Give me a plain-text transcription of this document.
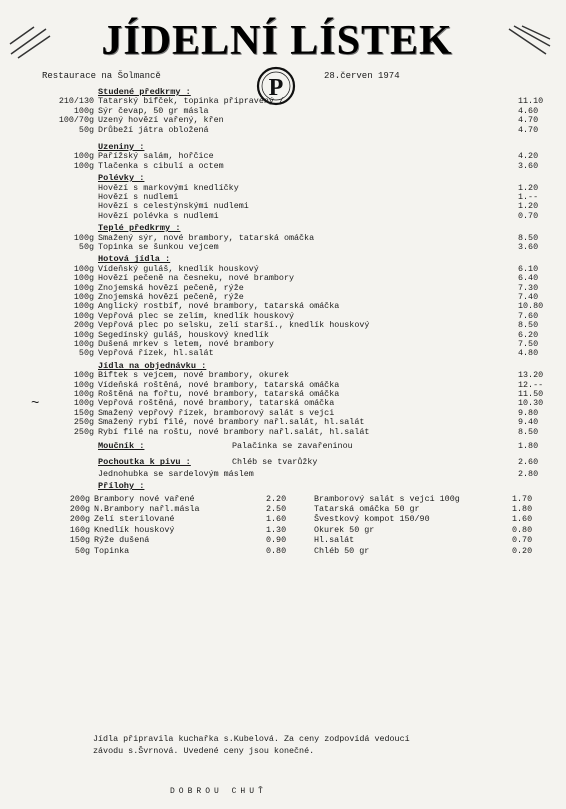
JÍDELNÍ LÍSTEK
Restaurace na Šolmancě	28.červen 1974
P
Studené předkrmy :
210/130 Tatarský bifček, topinka připravený /	11.10
100g Sýr čevap, 50 gr másla	4.60
100/70g Uzený hovězí vařený, křen	4.70
50g Drůbeží játra obložená	4.70
Uzeniny :
100g Pařížský salám, hořčice	4.20
100g Tlačenka s cibulí a octem	3.60
Polévky :
Hovězí s markovými knedlíčky	1.20
Hovězí s nudlemi	1.--
Hovězí s celestýnskými nudlemi	1.20
Hovězí polévka s nudlemi	0.70
Teplé předkrmy :
100g Smažený sýr, nové brambory, tatarská omáčka	8.50
50g Topinka se šunkou vejcem	3.60
Hotová jídla :
100g Vídeňský guláš, knedlík houskový	6.10
100g Hovězí pečeně na česneku, nové brambory	6.40
100g Znojemská hovězí pečeně, rýže	7.30
100g Znojemská hovězí pečeně, rýže	7.40
100g Anglický rostbíf, nové brambory, tatarská omáčka	10.80
100g Vepřová plec se zelím, knedlík houskový	7.60
200g Vepřová plec po selsku, zelí starší., knedlík houskový	8.50
100g Segedínský guláš, houskový knedlík	6.20
100g Dušená mrkev s letem, nové brambory	7.50
50g Vepřová řízek, hl.salát	4.80
Jídla na objednávku :
100g Biftek s vejcem, nové brambory, okurek	13.20
100g Vídeňská roštěná, nové brambory, tatarská omáčka	12.--
100g Roštěná na fořtu, nové brambory, tatarská omáčka	11.50
100g Vepřová roštěná, nové brambory, tatarská omáčka	10.30
150g Smažený vepřový řízek, bramborový salát s vejci	9.80
250g Smažený rybí filé, nové brambory nařl.salát, hl.salát	9.40
250g Rybí filé na roštu, nové brambory nařl.salát, hl.salát	8.50
Moučník :	Palačinka se zavařeninou	1.80
Pochoutka k pivu :	Chléb se tvarůžky	2.60
Jednohubka se sardelovým máslem	2.80
Přílohy :
200g Brambory nové vařené	2.20	Bramborový salát s vejci 100g	1.70
200g N.Brambory nařl.másla	2.50	Tatarská omáčka 50 gr	1.80
200g Zelí sterilované	1.60	Švestkový kompot 150/90	1.60
160g Knedlík houskový	1.30	Okurek 50 gr	0.80
150g Rýže dušená	0.90	Hl.salát	0.70
50g Topinka	0.80	Chléb 50 gr	0.20
~
Jídla připravila kuchařka s.Kubelová. Za ceny zodpovídá vedoucí
závodu s.Švrnová. Uvedené ceny jsou konečné.
DOBROU CHUŤ
